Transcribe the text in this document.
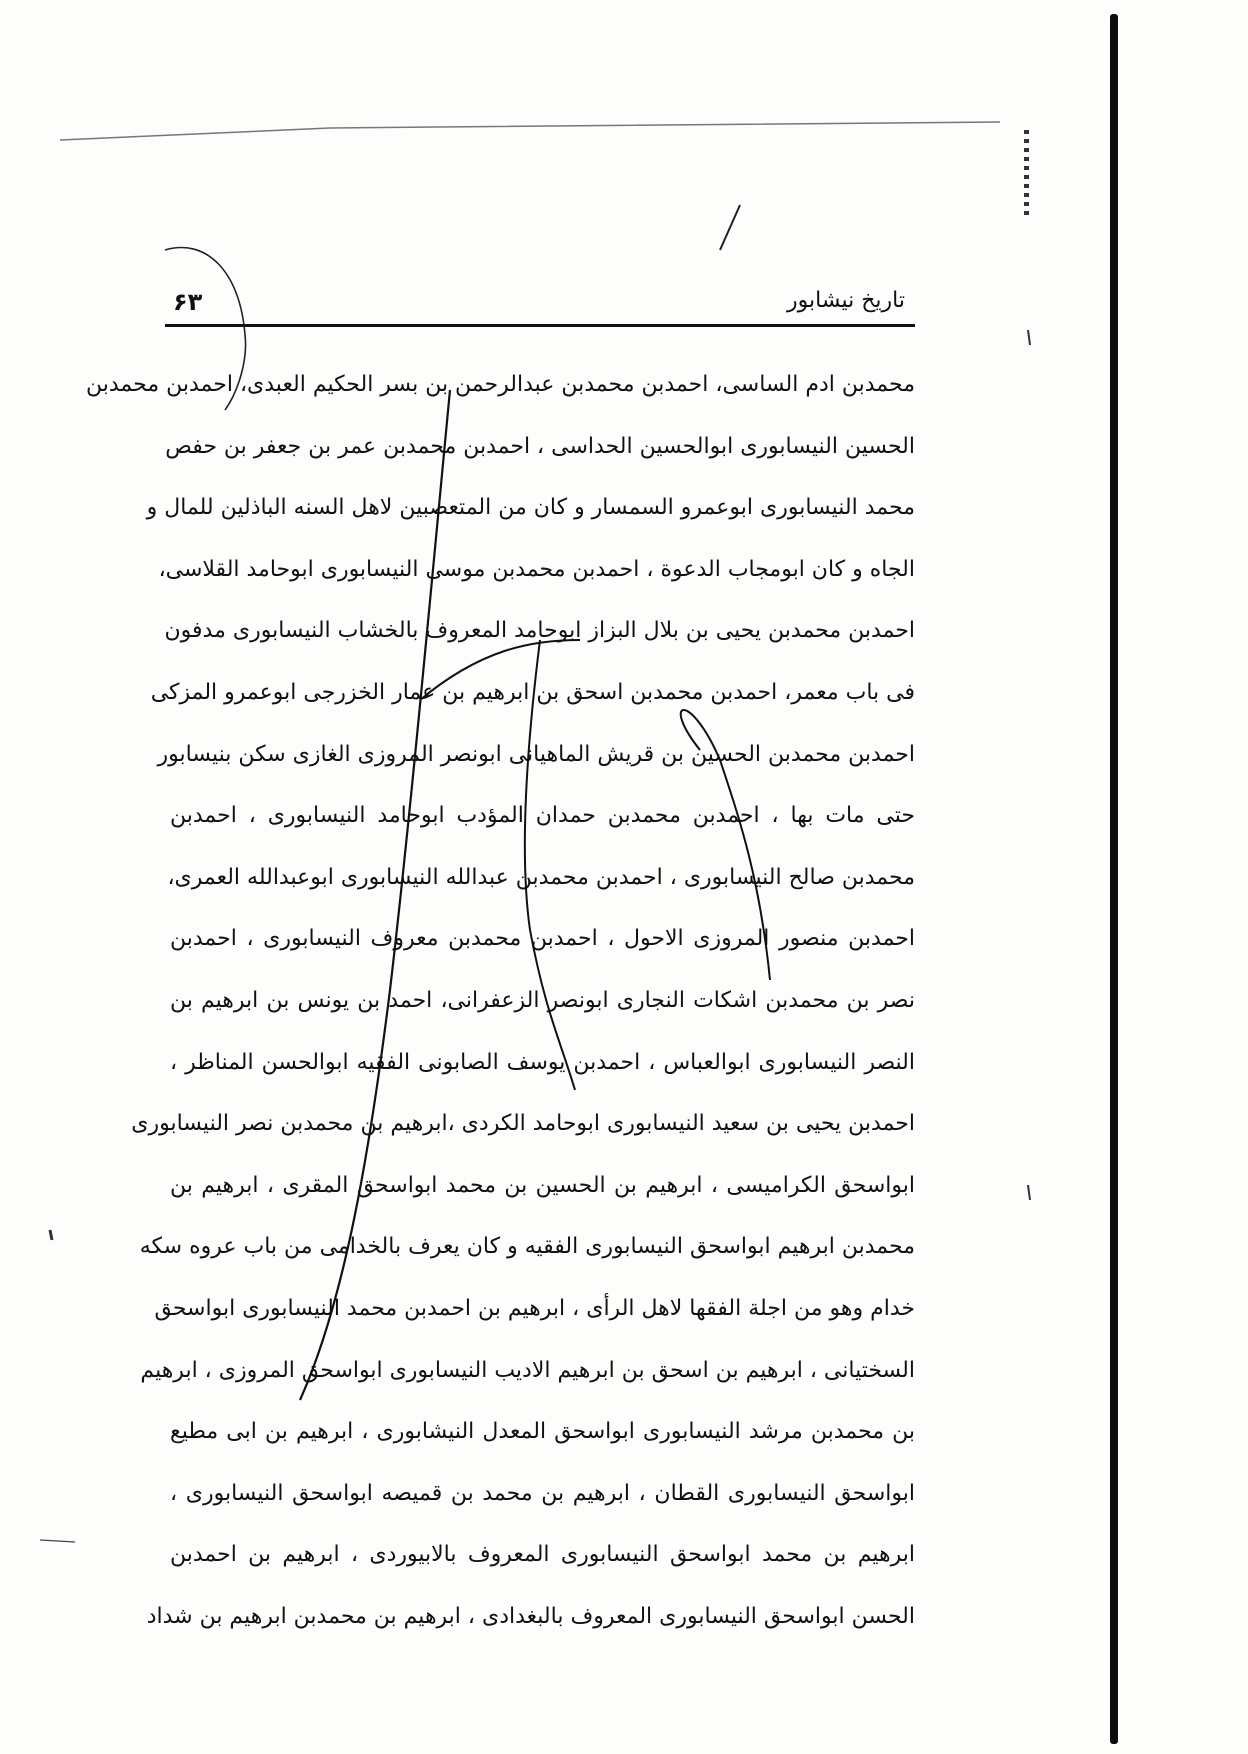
تاریخ نیشابور
۶۳
محمدبن ادم الساسی، احمدبن محمدبن عبدالرحمن بن بسر الحکیم العبدی، احمدبن محمدبن
الحسین النیسابوری ابوالحسین الحداسی ، احمدبن محمدبن عمر بن جعفر بن حفص
محمد النیسابوری ابوعمرو السمسار و کان من المتعصبین لاهل السنه الباذلین للمال و
الجاه و کان ابومجاب الدعوة ، احمدبن محمدبن موسی النیسابوری ابوحامد القلاسی،
احمدبن محمدبن یحیی بن بلال البزاز ابوحامد المعروف بالخشاب النیسابوری مدفون
فی باب معمر، احمدبن محمدبن اسحق بن ابرهیم بن عمار الخزرجی ابوعمرو المزکی
احمدبن محمدبن الحسین بن قریش الماهیانی ابونصر المروزی الغازی سکن بنیسابور
حتی مات بها ، احمدبن محمدبن حمدان المؤدب ابوحامد النیسابوری ، احمدبن
محمدبن صالح النیسابوری ، احمدبن محمدبن عبدالله النیسابوری ابوعبدالله العمری،
احمدبن منصور المروزی الاحول ، احمدبن محمدبن معروف النیسابوری ، احمدبن
نصر بن محمدبن اشکات النجاری ابونصر الزعفرانی، احمد بن یونس بن ابرهیم بن
النصر النیسابوری ابوالعباس ، احمدبن یوسف الصابونی الفقیه ابوالحسن المناظر ،
احمدبن یحیی بن سعید النیسابوری ابوحامد الکردی ،ابرهیم بن محمدبن نصر النیسابوری
ابواسحق الکرامیسی ، ابرهیم بن الحسین بن محمد ابواسحق المقری ، ابرهیم بن
محمدبن ابرهیم ابواسحق النیسابوری الفقیه و کان یعرف بالخدامی من باب عروه سکه
خدام وهو من اجلة الفقها لاهل الرأی ، ابرهیم بن احمدبن محمد النیسابوری ابواسحق
السختیانی ، ابرهیم بن اسحق بن ابرهیم الادیب النیسابوری ابواسحق المروزی ، ابرهیم
بن محمدبن مرشد النیسابوری ابواسحق المعدل النیشابوری ، ابرهیم بن ابی مطیع
ابواسحق النیسابوری القطان ، ابرهیم بن محمد بن قمیصه ابواسحق النیسابوری ،
ابرهیم بن محمد ابواسحق النیسابوری المعروف بالابیوردی ، ابرهیم بن احمدبن
الحسن ابواسحق النیسابوری المعروف بالبغدادی ، ابرهیم بن محمدبن ابرهیم بن شداد
